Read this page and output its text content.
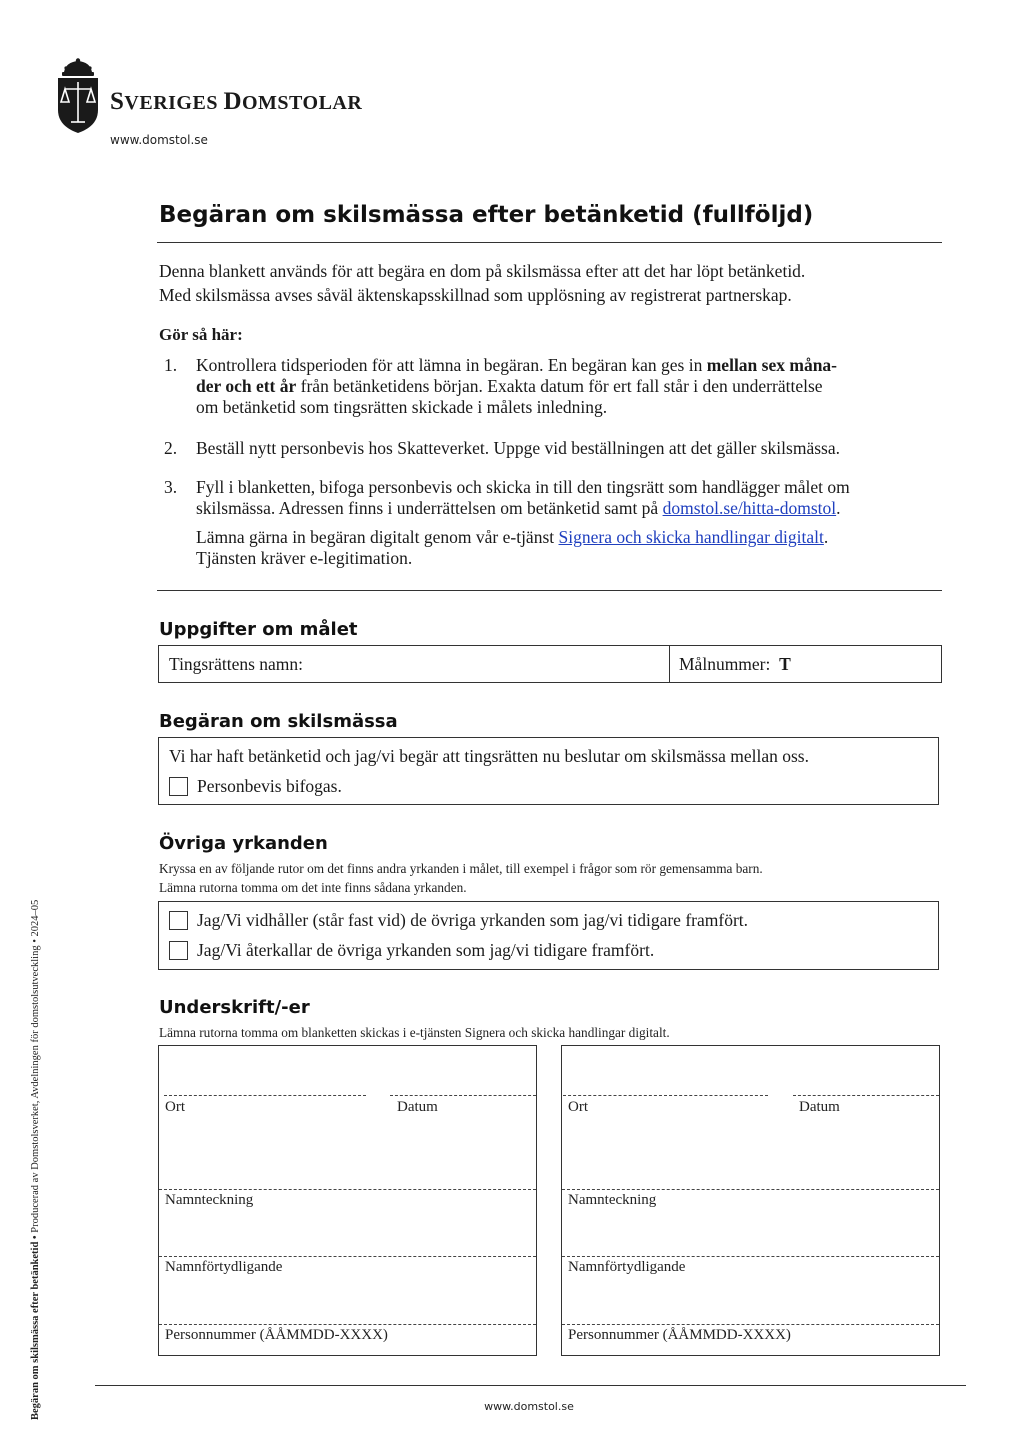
SVERIGES DOMSTOLAR
www.domstol.se
Begäran om skilsmässa efter betänketid (fullföljd)
Denna blankett används för att begära en dom på skilsmässa efter att det har löpt betänketid.
Med skilsmässa avses såväl äktenskapsskillnad som upplösning av registrerat partnerskap.
Gör så här:
1. Kontrollera tidsperioden för att lämna in begäran. En begäran kan ges in mellan sex måna-
der och ett år från betänketidens början. Exakta datum för ert fall står i den underrättelse
om betänketid som tingsrätten skickade i målets inledning.
2. Beställ nytt personbevis hos Skatteverket. Uppge vid beställningen att det gäller skilsmässa.
3. Fyll i blanketten, bifoga personbevis och skicka in till den tingsrätt som handlägger målet om
skilsmässa. Adressen finns i underrättelsen om betänketid samt på domstol.se/hitta-domstol.
Lämna gärna in begäran digitalt genom vår e-tjänst Signera och skicka handlingar digitalt.
Tjänsten kräver e-legitimation.
Uppgifter om målet
Tingsrättens namn:	Målnummer: T
Begäran om skilsmässa
Vi har haft betänketid och jag/vi begär att tingsrätten nu beslutar om skilsmässa mellan oss.
Personbevis bifogas.
Övriga yrkanden
Kryssa en av följande rutor om det finns andra yrkanden i målet, till exempel i frågor som rör gemensamma barn.
Lämna rutorna tomma om det inte finns sådana yrkanden.
Jag/Vi vidhåller (står fast vid) de övriga yrkanden som jag/vi tidigare framfört.
Jag/Vi återkallar de övriga yrkanden som jag/vi tidigare framfört.
Underskrift/-er
Lämna rutorna tomma om blanketten skickas i e-tjänsten Signera och skicka handlingar digitalt.
Ort	Datum
Namnteckning
Namnförtydligande
Personnummer (ÅÅMMDD-XXXX)
Ort	Datum
Namnteckning
Namnförtydligande
Personnummer (ÅÅMMDD-XXXX)
Begäran om skilsmässa efter betänketid • Producerad av Domstolsverket, Avdelningen för domstolsutveckling • 2024–05
www.domstol.se
